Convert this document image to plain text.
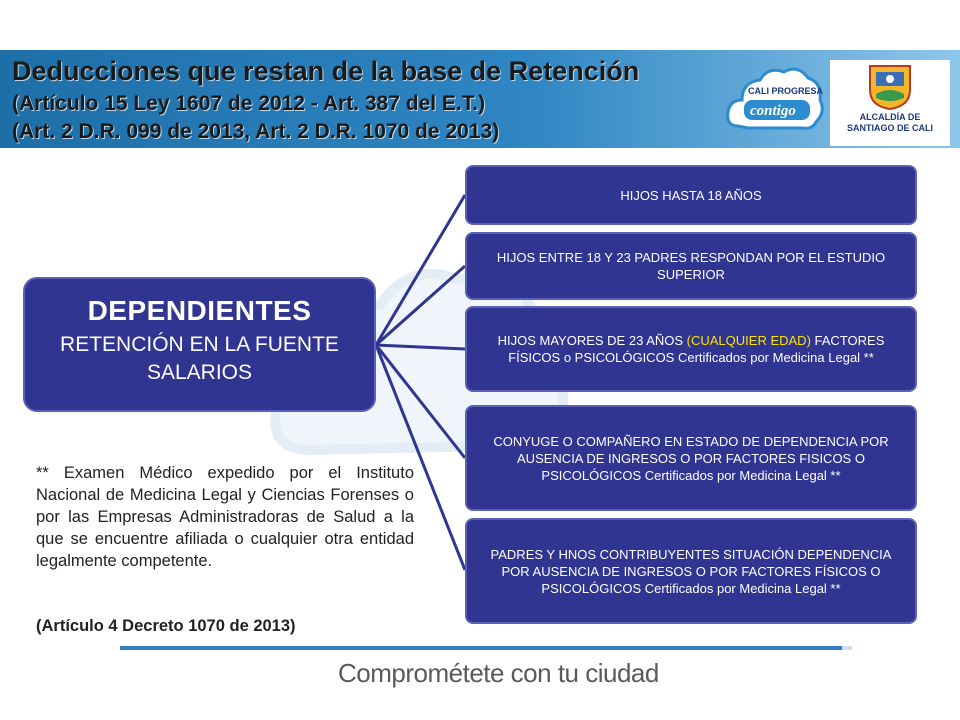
Deducciones que restan de la base de Retención
(Artículo 15 Ley 1607 de 2012 - Art. 387 del E.T.)
(Art. 2 D.R. 099 de 2013, Art. 2 D.R. 1070 de 2013)
CALI PROGRESA
contigo	ALCALDÍA DE
SANTIAGO DE CALI
DEPENDIENTES
RETENCIÓN EN LA FUENTE SALARIOS
HIJOS HASTA 18 AÑOS
HIJOS ENTRE 18 Y 23 PADRES RESPONDAN POR EL ESTUDIO SUPERIOR
HIJOS MAYORES DE 23 AÑOS (CUALQUIER EDAD) FACTORES FÍSICOS o PSICOLÓGICOS Certificados por Medicina Legal **
CONYUGE O COMPAÑERO EN ESTADO DE DEPENDENCIA POR AUSENCIA DE INGRESOS O POR FACTORES FISICOS O PSICOLÓGICOS Certificados por Medicina Legal **
PADRES Y HNOS CONTRIBUYENTES SITUACIÓN DEPENDENCIA POR AUSENCIA DE INGRESOS O POR FACTORES FÍSICOS O PSICOLÓGICOS Certificados por Medicina Legal **
** Examen Médico expedido por el Instituto Nacional de Medicina Legal y Ciencias Forenses o por las Empresas Administradoras de Salud a la que se encuentre afiliada o cualquier otra entidad legalmente competente.
(Artículo 4 Decreto 1070 de 2013)
Comprométete con tu ciudad
